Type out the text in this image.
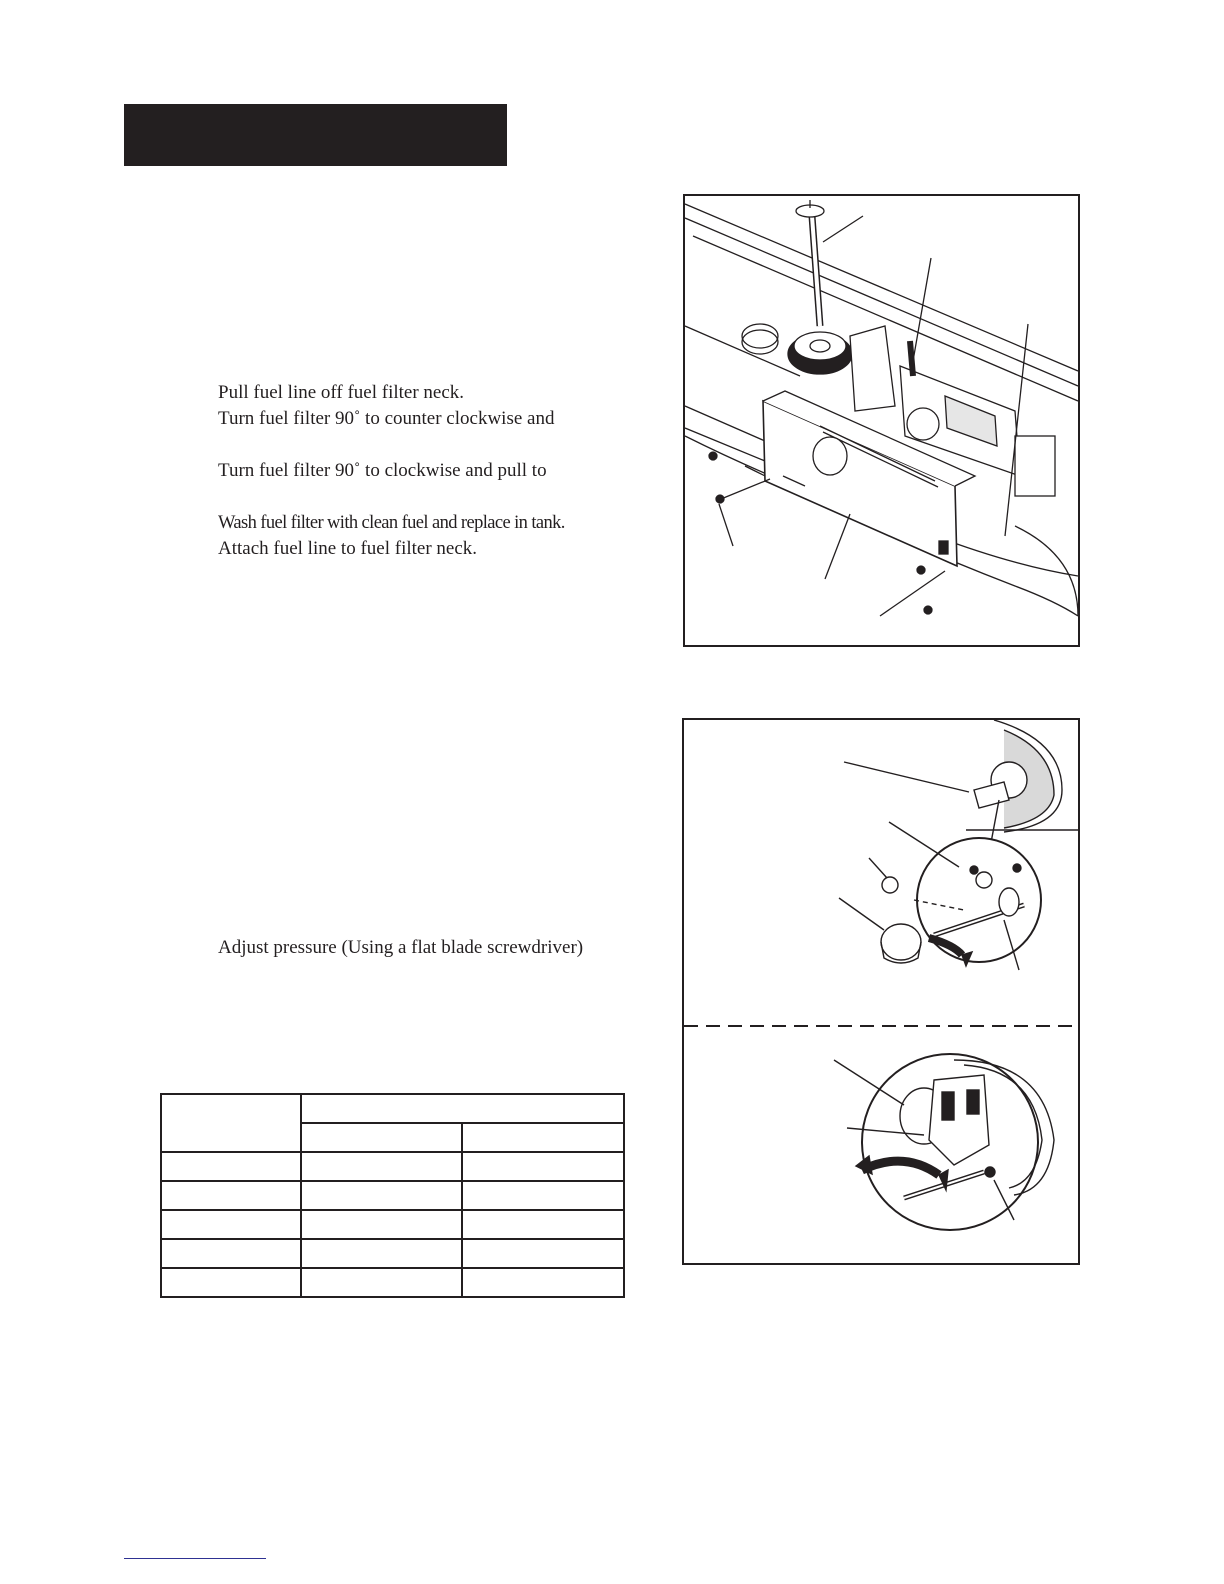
Pull fuel line off fuel filter neck.

Turn fuel filter 90˚ to counter clockwise and

Turn fuel filter 90˚ to clockwise and pull to

Wash fuel filter with clean fuel and replace in tank.

Attach fuel line to fuel filter neck.

Adjust pressure (Using a flat blade screwdriver)
